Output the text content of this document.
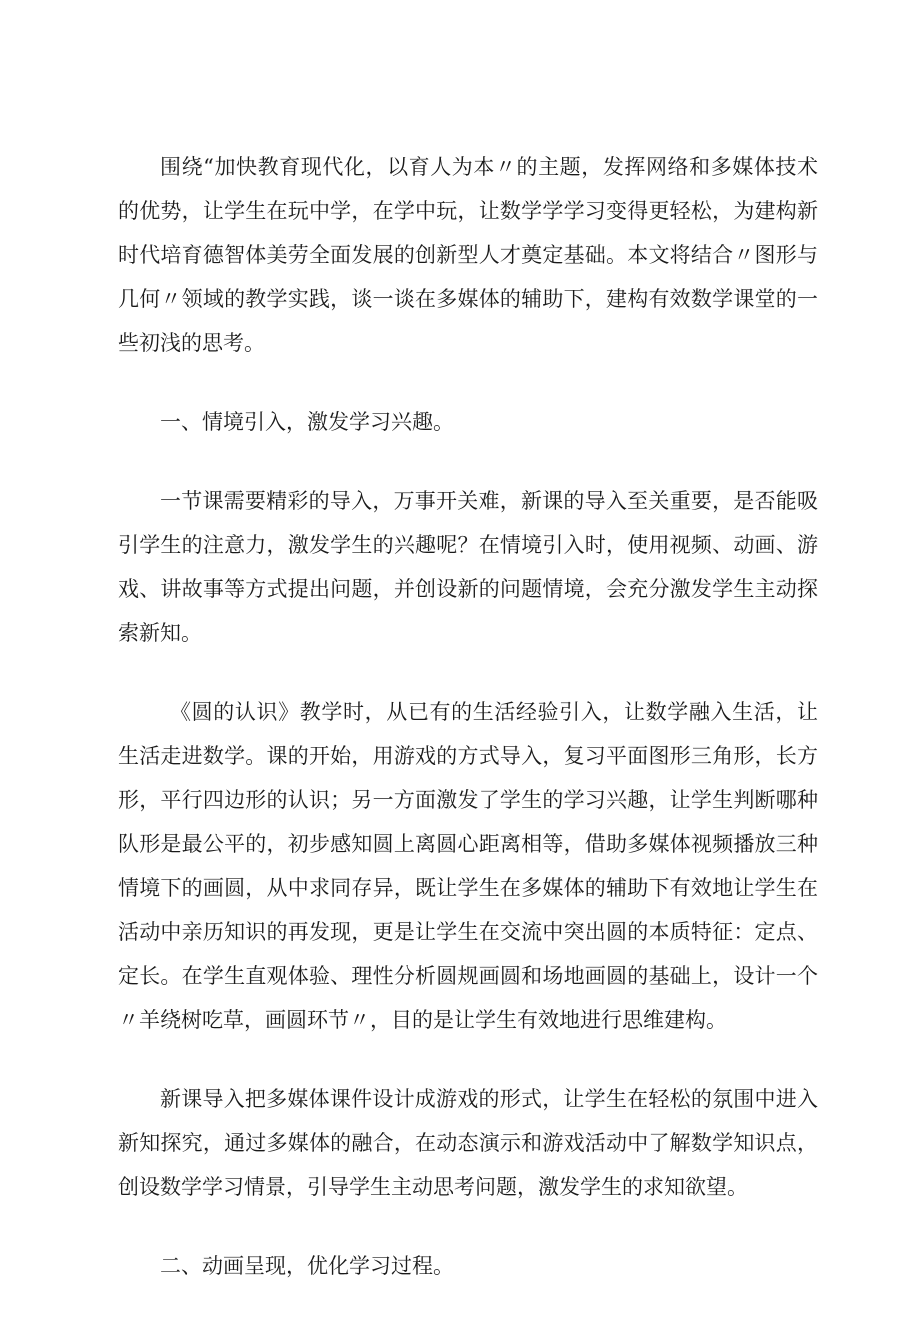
围绕“加快教育现代化，以育人为本〃的主题，发挥网络和多媒体技术的优势，让学生在玩中学，在学中玩，让数学学学习变得更轻松，为建构新时代培育德智体美劳全面发展的创新型人才奠定基础。本文将结合〃图形与几何〃领域的教学实践，谈一谈在多媒体的辅助下，建构有效数学课堂的一些初浅的思考。

一、情境引入，激发学习兴趣。

一节课需要精彩的导入，万事开关难，新课的导入至关重要，是否能吸引学生的注意力，激发学生的兴趣呢？在情境引入时，使用视频、动画、游戏、讲故事等方式提出问题，并创设新的问题情境，会充分激发学生主动探索新知。

《圆的认识》教学时，从已有的生活经验引入，让数学融入生活，让生活走进数学。课的开始，用游戏的方式导入，复习平面图形三角形，长方形，平行四边形的认识；另一方面激发了学生的学习兴趣，让学生判断哪种队形是最公平的，初步感知圆上离圆心距离相等，借助多媒体视频播放三种情境下的画圆，从中求同存异，既让学生在多媒体的辅助下有效地让学生在活动中亲历知识的再发现，更是让学生在交流中突出圆的本质特征：定点、定长。在学生直观体验、理性分析圆规画圆和场地画圆的基础上，设计一个〃羊绕树吃草，画圆环节〃，目的是让学生有效地进行思维建构。

新课导入把多媒体课件设计成游戏的形式，让学生在轻松的氛围中进入新知探究，通过多媒体的融合，在动态演示和游戏活动中了解数学知识点，创设数学学习情景，引导学生主动思考问题，激发学生的求知欲望。

二、动画呈现，优化学习过程。
